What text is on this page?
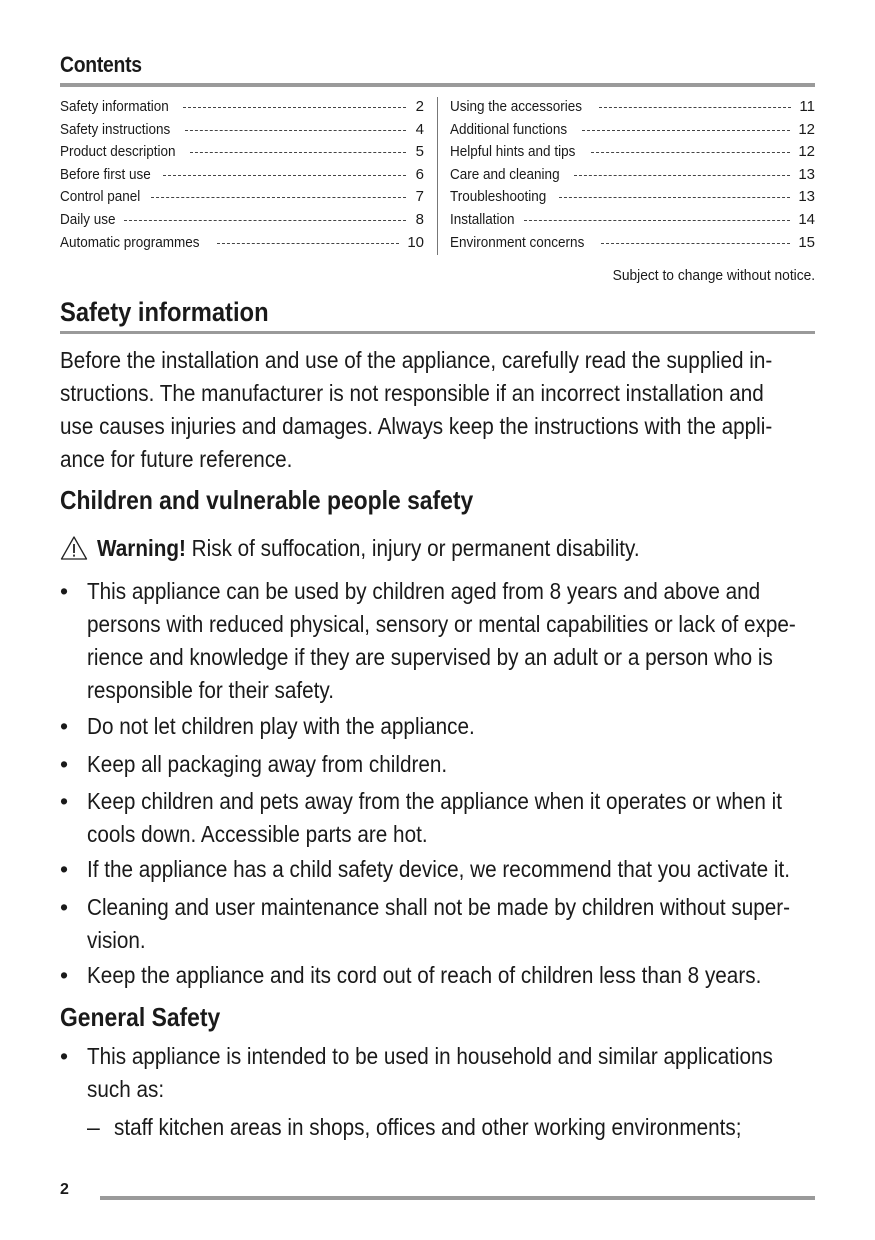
Contents
Safety information	2
Safety instructions	4
Product description	5
Before first use	6
Control panel	7
Daily use	8
Automatic programmes	10
Using the accessories	11
Additional functions	12
Helpful hints and tips	12
Care and cleaning	13
Troubleshooting	13
Installation	14
Environment concerns	15
Subject to change without notice.
Safety information
Before the installation and use of the appliance, carefully read the supplied in-
structions. The manufacturer is not responsible if an incorrect installation and
use causes injuries and damages. Always keep the instructions with the appli-
ance for future reference.
Children and vulnerable people safety
Warning! Risk of suffocation, injury or permanent disability.
• This appliance can be used by children aged from 8 years and above and
persons with reduced physical, sensory or mental capabilities or lack of expe-
rience and knowledge if they are supervised by an adult or a person who is
responsible for their safety.
• Do not let children play with the appliance.
• Keep all packaging away from children.
• Keep children and pets away from the appliance when it operates or when it
cools down. Accessible parts are hot.
• If the appliance has a child safety device, we recommend that you activate it.
• Cleaning and user maintenance shall not be made by children without super-
vision.
• Keep the appliance and its cord out of reach of children less than 8 years.
General Safety
• This appliance is intended to be used in household and similar applications
such as:
– staff kitchen areas in shops, offices and other working environments;
2
